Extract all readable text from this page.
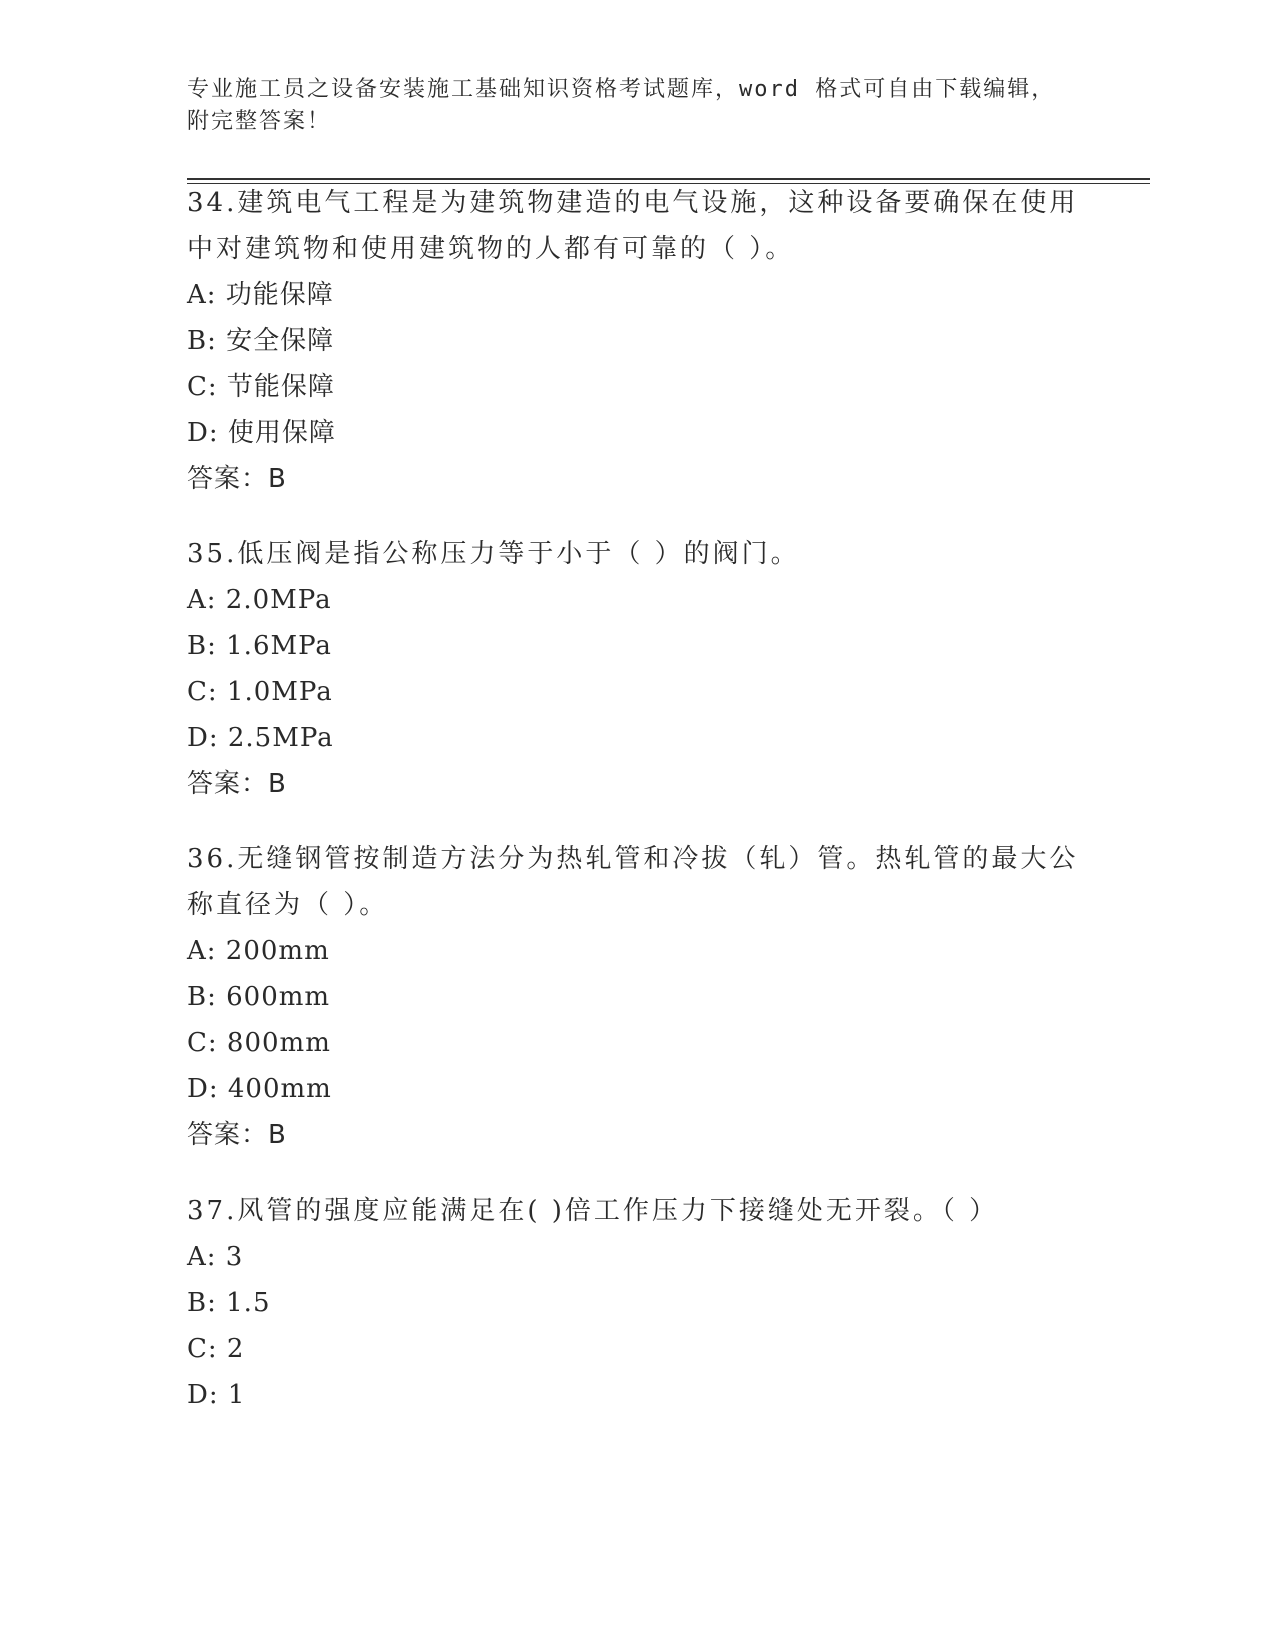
专业施工员之设备安装施工基础知识资格考试题库，word 格式可自由下载编辑，
附完整答案！

34.建筑电气工程是为建筑物建造的电气设施，这种设备要确保在使用

中对建筑物和使用建筑物的人都有可靠的（ ）。

A: 功能保障

B: 安全保障

C: 节能保障

D: 使用保障

答案：B

35.低压阀是指公称压力等于小于（ ）的阀门。

A: 2.0MPa

B: 1.6MPa

C: 1.0MPa

D: 2.5MPa

答案：B

36.无缝钢管按制造方法分为热轧管和冷拔（轧）管。热轧管的最大公

称直径为（ ）。

A: 200mm

B: 600mm

C: 800mm

D: 400mm

答案：B

37.风管的强度应能满足在( )倍工作压力下接缝处无开裂。（ ）

A: 3

B: 1.5

C: 2

D: 1
